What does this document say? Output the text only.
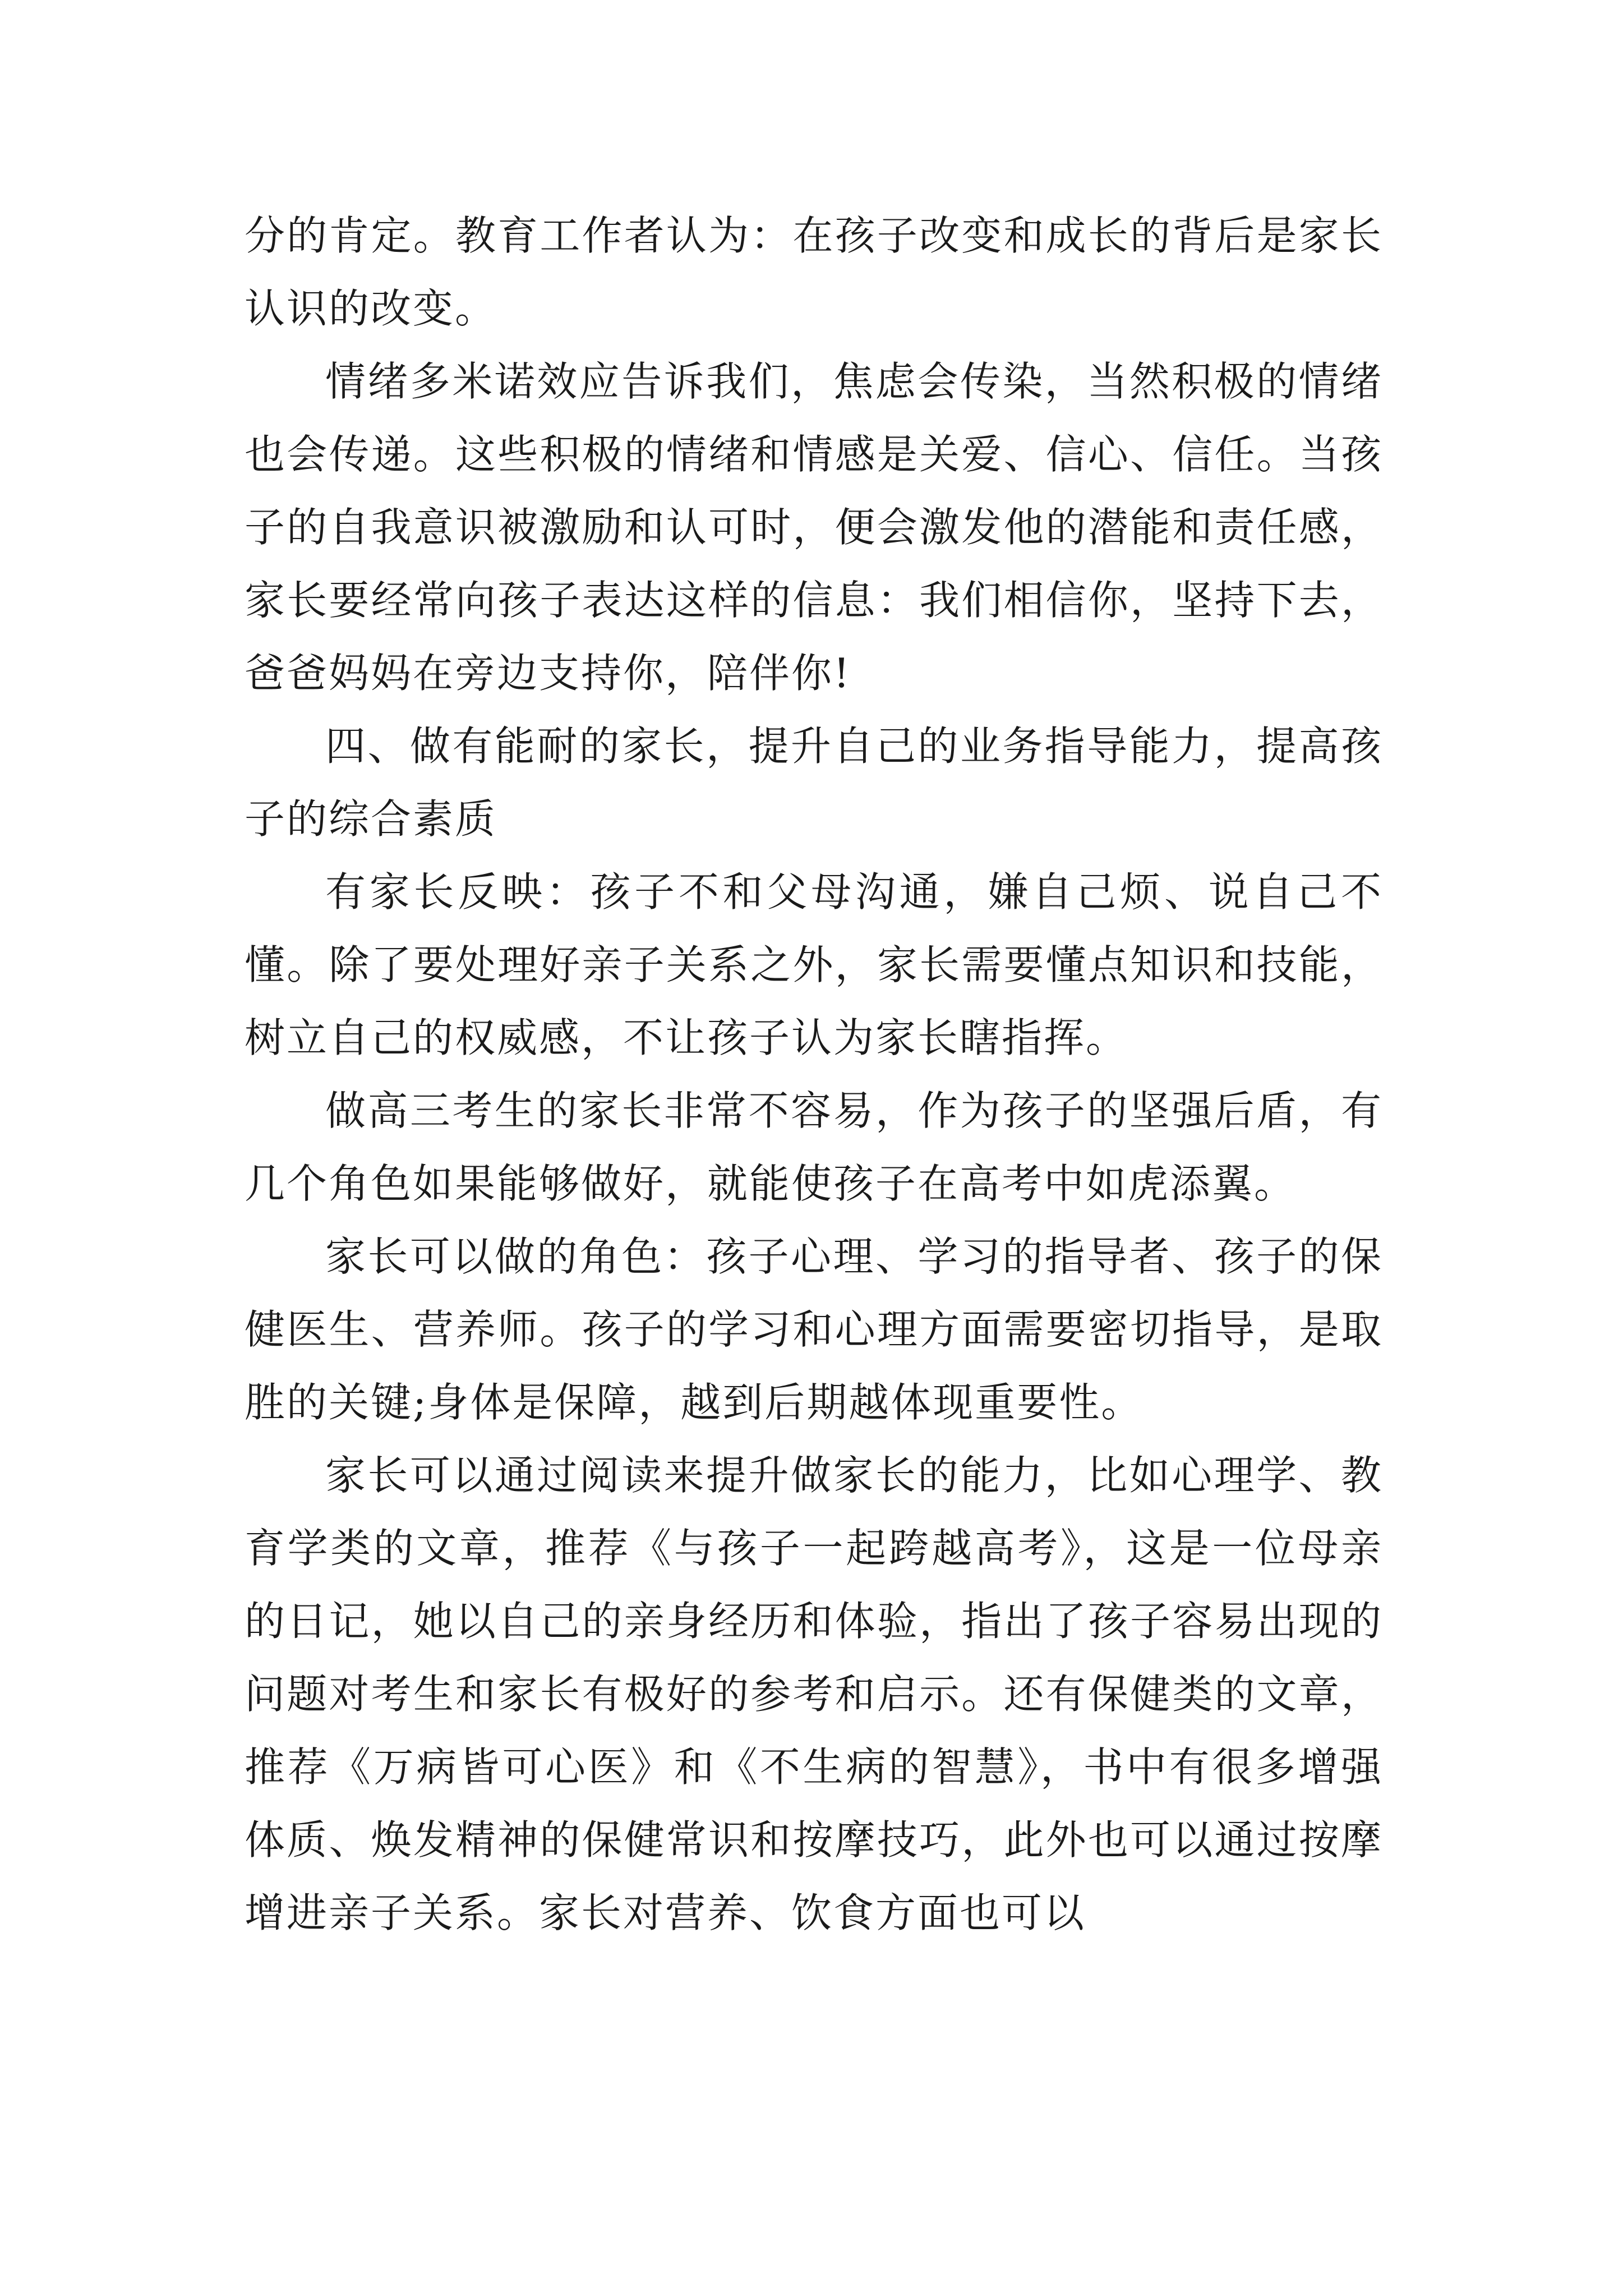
分的肯定。教育工作者认为：在孩子改变和成长的背后是家长认识的改变。

情绪多米诺效应告诉我们，焦虑会传染，当然积极的情绪也会传递。这些积极的情绪和情感是关爱、信心、信任。当孩子的自我意识被激励和认可时，便会激发他的潜能和责任感，家长要经常向孩子表达这样的信息：我们相信你，坚持下去，爸爸妈妈在旁边支持你，陪伴你!

四、做有能耐的家长，提升自己的业务指导能力，提高孩子的综合素质

有家长反映：孩子不和父母沟通，嫌自己烦、说自己不懂。除了要处理好亲子关系之外，家长需要懂点知识和技能，树立自己的权威感，不让孩子认为家长瞎指挥。

做高三考生的家长非常不容易，作为孩子的坚强后盾，有几个角色如果能够做好，就能使孩子在高考中如虎添翼。

家长可以做的角色：孩子心理、学习的指导者、孩子的保健医生、营养师。孩子的学习和心理方面需要密切指导，是取胜的关键;身体是保障，越到后期越体现重要性。

家长可以通过阅读来提升做家长的能力，比如心理学、教育学类的文章，推荐《与孩子一起跨越高考》，这是一位母亲的日记，她以自己的亲身经历和体验，指出了孩子容易出现的问题对考生和家长有极好的参考和启示。还有保健类的文章，推荐《万病皆可心医》和《不生病的智慧》，书中有很多增强体质、焕发精神的保健常识和按摩技巧，此外也可以通过按摩增进亲子关系。家长对营养、饮食方面也可以
